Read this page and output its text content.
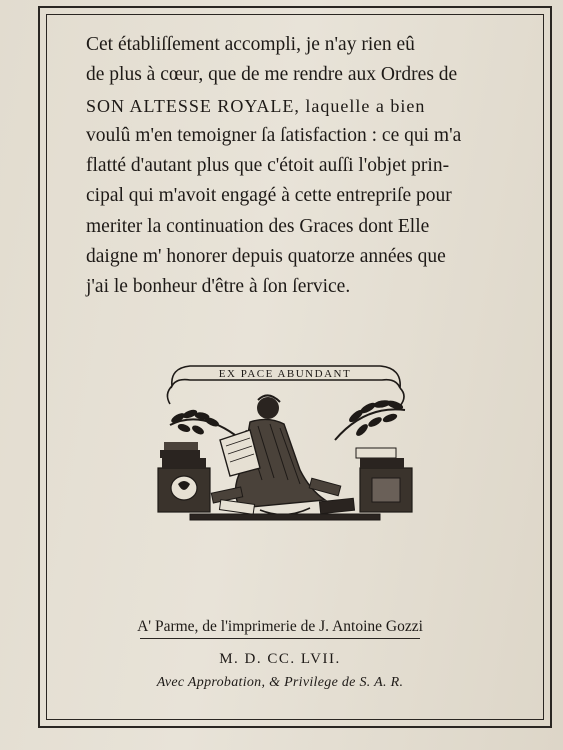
Cet établiſſement accompli, je n'ay rien eû
de plus à cœur, que de me rendre aux Ordres de
SON ALTESSE ROYALE, laquelle a bien
voulû m'en temoigner ſa ſatisfaction : ce qui m'a
flatté d'autant plus que c'étoit auſſi l'objet prin-
cipal qui m'avoit engagé à cette entrepriſe pour
meriter la continuation des Graces dont Elle
daigne m' honorer depuis quatorze années que
j'ai le bonheur d'être à ſon ſervice.
EX PACE ABUNDANT
A' Parme, de l'imprimerie de J. Antoine Gozzi
M. D. CC. LVII.
Avec Approbation, & Privilege de S. A. R.
